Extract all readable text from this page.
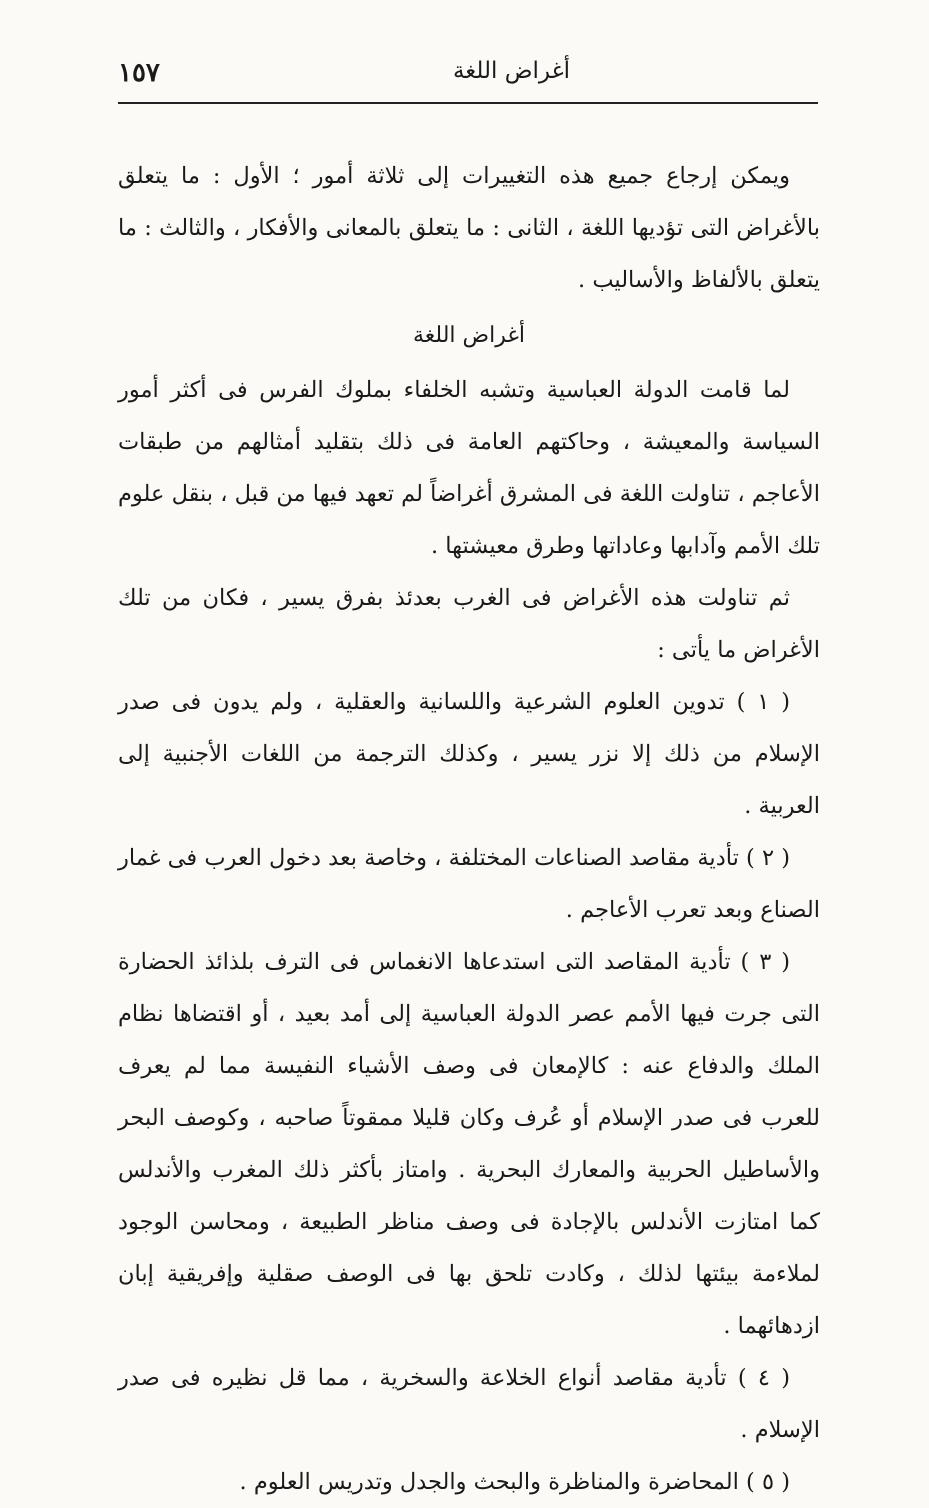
أغراض اللغة
١٥٧

ويمكن إرجاع جميع هذه التغييرات إلى ثلاثة أمور ؛ الأول : ما يتعلق بالأغراض التى تؤديها اللغة ، الثانى : ما يتعلق بالمعانى والأفكار ، والثالث : ما يتعلق بالألفاظ والأساليب .

أغراض اللغة

لما قامت الدولة العباسية وتشبه الخلفاء بملوك الفرس فى أكثر أمور السياسة والمعيشة ، وحاكتهم العامة فى ذلك بتقليد أمثالهم من طبقات الأعاجم ، تناولت اللغة فى المشرق أغراضاً لم تعهد فيها من قبل ، بنقل علوم تلك الأمم وآدابها وعاداتها وطرق معيشتها .

ثم تناولت هذه الأغراض فى الغرب بعدئذ بفرق يسير ، فكان من تلك الأغراض ما يأتى :

( ١ ) تدوين العلوم الشرعية واللسانية والعقلية ، ولم يدون فى صدر الإسلام من ذلك إلا نزر يسير ، وكذلك الترجمة من اللغات الأجنبية إلى العربية .

( ٢ ) تأدية مقاصد الصناعات المختلفة ، وخاصة بعد دخول العرب فى غمار الصناع وبعد تعرب الأعاجم .

( ٣ ) تأدية المقاصد التى استدعاها الانغماس فى الترف بلذائذ الحضارة التى جرت فيها الأمم عصر الدولة العباسية إلى أمد بعيد ، أو اقتضاها نظام الملك والدفاع عنه : كالإمعان فى وصف الأشياء النفيسة مما لم يعرف للعرب فى صدر الإسلام أو عُرف وكان قليلا ممقوتاً صاحبه ، وكوصف البحر والأساطيل الحربية والمعارك البحرية . وامتاز بأكثر ذلك المغرب والأندلس كما امتازت الأندلس بالإجادة فى وصف مناظر الطبيعة ، ومحاسن الوجود لملاءمة بيئتها لذلك ، وكادت تلحق بها فى الوصف صقلية وإفريقية إبان ازدهائهما .

( ٤ ) تأدية مقاصد أنواع الخلاعة والسخرية ، مما قل نظيره فى صدر الإسلام .

( ٥ ) المحاضرة والمناظرة والبحث والجدل وتدريس العلوم .
